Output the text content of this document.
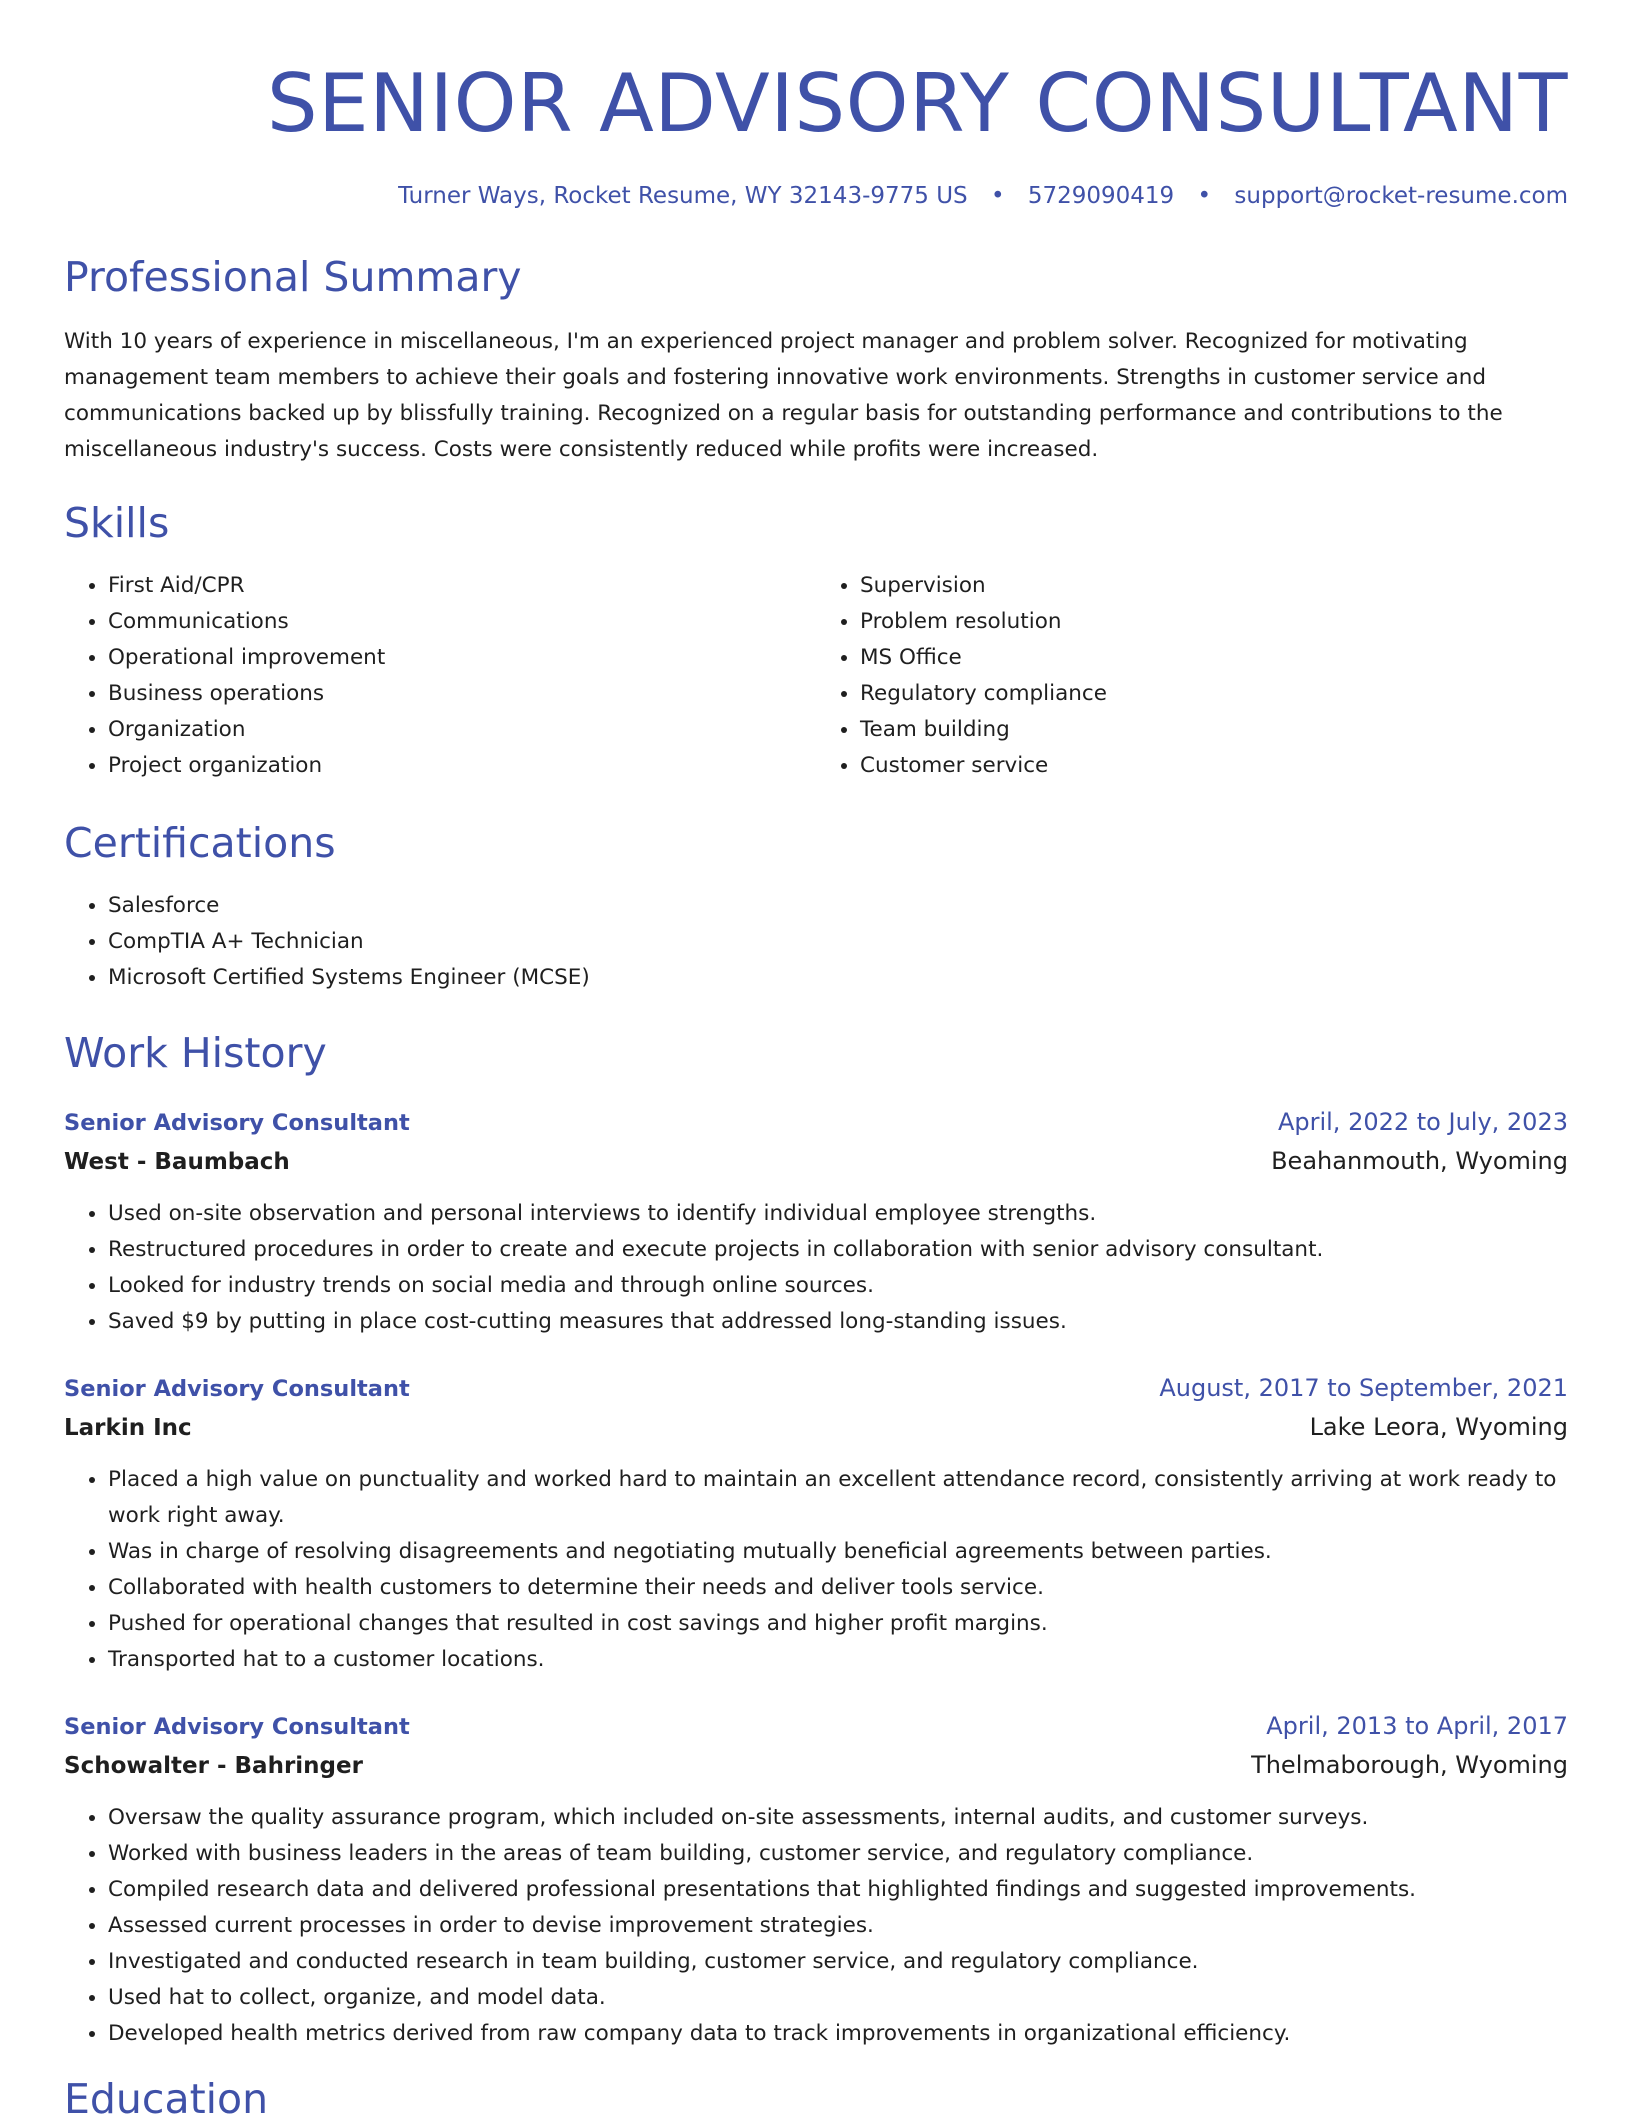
SENIOR ADVISORY CONSULTANT
Turner Ways, Rocket Resume, WY 32143-9775 US • 5729090419 • support@rocket-resume.com
Professional Summary
With 10 years of experience in miscellaneous, I'm an experienced project manager and problem solver. Recognized for motivating management team members to achieve their goals and fostering innovative work environments. Strengths in customer service and communications backed up by blissfully training. Recognized on a regular basis for outstanding performance and contributions to the miscellaneous industry's success. Costs were consistently reduced while profits were increased.
Skills
• First Aid/CPR
• Communications
• Operational improvement
• Business operations
• Organization
• Project organization
• Supervision
• Problem resolution
• MS Office
• Regulatory compliance
• Team building
• Customer service
Certifications
• Salesforce
• CompTIA A+ Technician
• Microsoft Certified Systems Engineer (MCSE)
Work History
Senior Advisory Consultant	April, 2022 to July, 2023
West - Baumbach	Beahanmouth, Wyoming
• Used on-site observation and personal interviews to identify individual employee strengths.
• Restructured procedures in order to create and execute projects in collaboration with senior advisory consultant.
• Looked for industry trends on social media and through online sources.
• Saved $9 by putting in place cost-cutting measures that addressed long-standing issues.
Senior Advisory Consultant	August, 2017 to September, 2021
Larkin Inc	Lake Leora, Wyoming
• Placed a high value on punctuality and worked hard to maintain an excellent attendance record, consistently arriving at work ready to work right away.
• Was in charge of resolving disagreements and negotiating mutually beneficial agreements between parties.
• Collaborated with health customers to determine their needs and deliver tools service.
• Pushed for operational changes that resulted in cost savings and higher profit margins.
• Transported hat to a customer locations.
Senior Advisory Consultant	April, 2013 to April, 2017
Schowalter - Bahringer	Thelmaborough, Wyoming
• Oversaw the quality assurance program, which included on-site assessments, internal audits, and customer surveys.
• Worked with business leaders in the areas of team building, customer service, and regulatory compliance.
• Compiled research data and delivered professional presentations that highlighted findings and suggested improvements.
• Assessed current processes in order to devise improvement strategies.
• Investigated and conducted research in team building, customer service, and regulatory compliance.
• Used hat to collect, organize, and model data.
• Developed health metrics derived from raw company data to track improvements in organizational efficiency.
Education
